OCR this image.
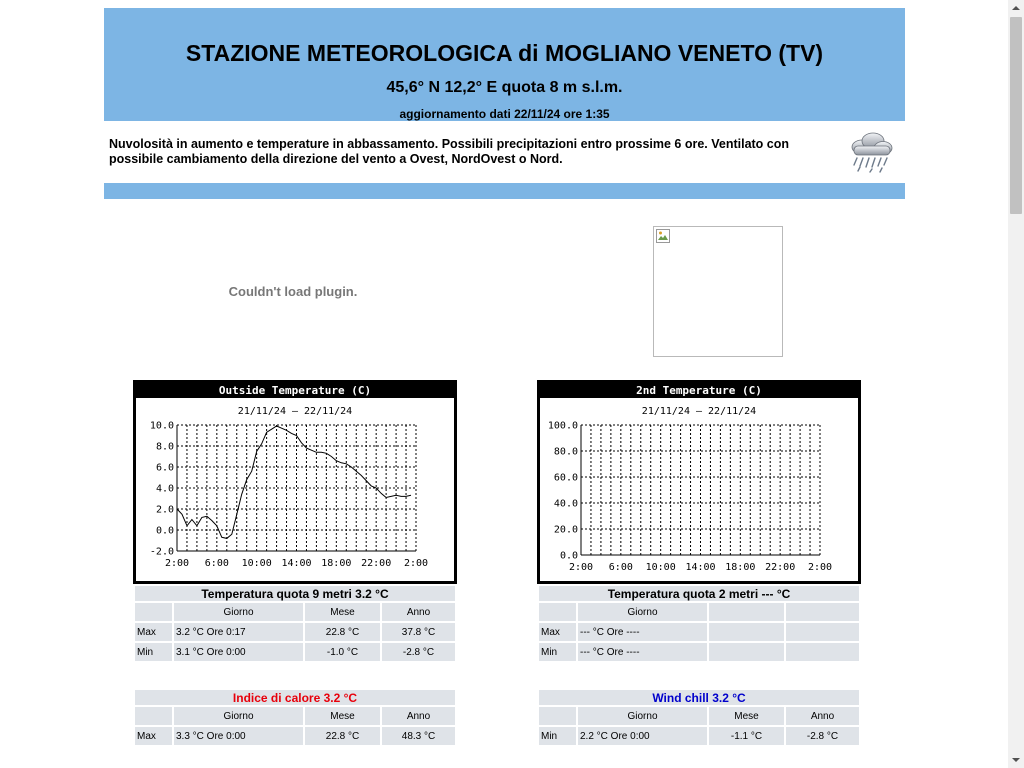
STAZIONE METEOROLOGICA di MOGLIANO VENETO (TV)
45,6° N 12,2° E quota 8 m s.l.m.
aggiornamento dati 22/11/24 ore 1:35
Nuvolosità in aumento e temperature in abbassamento. Possibili precipitazioni entro prossime 6 ore. Ventilato con possibile cambiamento della direzione del vento a Ovest, NordOvest o Nord.
Couldn't load plugin.
10.0
8.0
6.0
4.0
2.0
0.0
-2.0
2:00 6:00 10:00 14:00 18:00 22:00 2:00
Outside Temperature (C)
21/11/24 – 22/11/24
100.0
80.0
60.0
40.0
20.0
0.0
2:00 6:00 10:00 14:00 18:00 22:00 2:00
2nd Temperature (C)
21/11/24 – 22/11/24
Temperatura quota 9 metri 3.2 °C			
	Giorno	Mese	Anno
Max	3.2 °C Ore 0:17	22.8 °C	37.8 °C
Min	3.1 °C Ore 0:00	-1.0 °C	-2.8 °C
Temperatura quota 2 metri --- °C			
	Giorno		
Max	--- °C Ore ----		
Min	--- °C Ore ----		
Indice di calore 3.2 °C			
	Giorno	Mese	Anno
Max	3.3 °C Ore 0:00	22.8 °C	48.3 °C
Wind chill 3.2 °C			
	Giorno	Mese	Anno
Min	2.2 °C Ore 0:00	-1.1 °C	-2.8 °C
